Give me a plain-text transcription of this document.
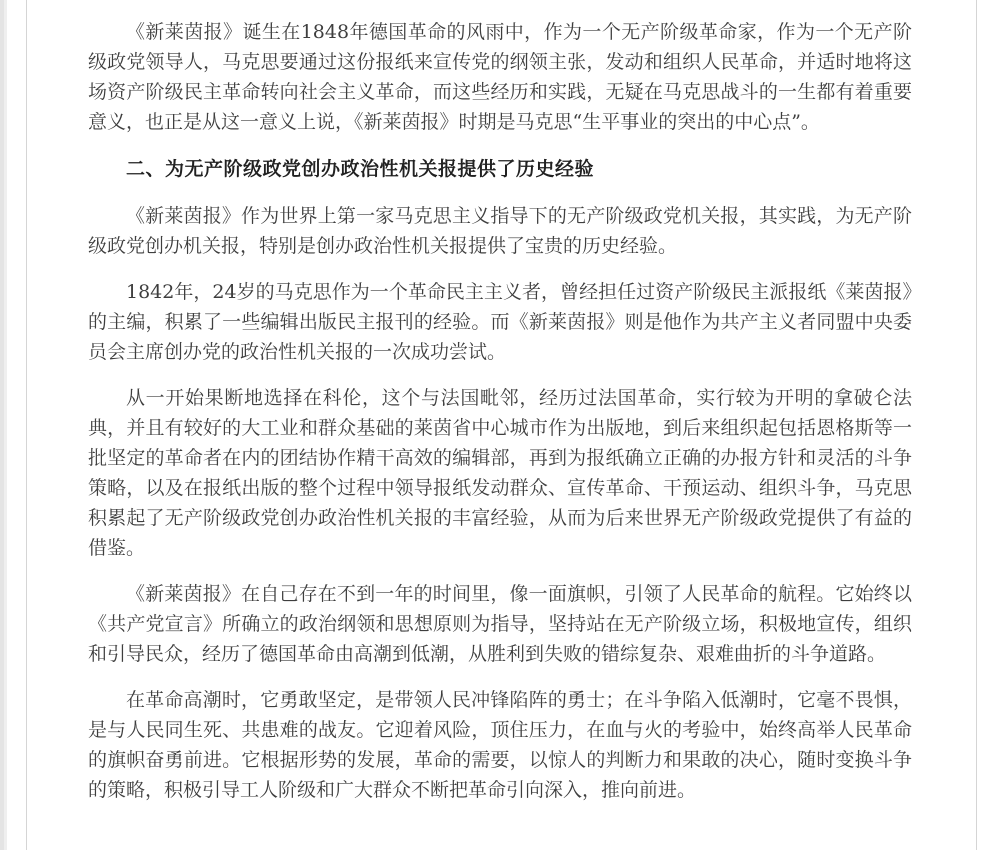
《新莱茵报》诞生在1848年德国革命的风雨中，作为一个无产阶级革命家，作为一个无产阶级政党领导人，马克思要通过这份报纸来宣传党的纲领主张，发动和组织人民革命，并适时地将这场资产阶级民主革命转向社会主义革命，而这些经历和实践，无疑在马克思战斗的一生都有着重要意义，也正是从这一意义上说，《新莱茵报》时期是马克思“生平事业的突出的中心点”。

二、为无产阶级政党创办政治性机关报提供了历史经验

《新莱茵报》作为世界上第一家马克思主义指导下的无产阶级政党机关报，其实践，为无产阶级政党创办机关报，特别是创办政治性机关报提供了宝贵的历史经验。

1842年，24岁的马克思作为一个革命民主主义者，曾经担任过资产阶级民主派报纸《莱茵报》的主编，积累了一些编辑出版民主报刊的经验。而《新莱茵报》则是他作为共产主义者同盟中央委员会主席创办党的政治性机关报的一次成功尝试。

从一开始果断地选择在科伦，这个与法国毗邻，经历过法国革命，实行较为开明的拿破仑法典，并且有较好的大工业和群众基础的莱茵省中心城市作为出版地，到后来组织起包括恩格斯等一批坚定的革命者在内的团结协作精干高效的编辑部，再到为报纸确立正确的办报方针和灵活的斗争策略，以及在报纸出版的整个过程中领导报纸发动群众、宣传革命、干预运动、组织斗争，马克思积累起了无产阶级政党创办政治性机关报的丰富经验，从而为后来世界无产阶级政党提供了有益的借鉴。

《新莱茵报》在自己存在不到一年的时间里，像一面旗帜，引领了人民革命的航程。它始终以《共产党宣言》所确立的政治纲领和思想原则为指导，坚持站在无产阶级立场，积极地宣传，组织和引导民众，经历了德国革命由高潮到低潮，从胜利到失败的错综复杂、艰难曲折的斗争道路。

在革命高潮时，它勇敢坚定，是带领人民冲锋陷阵的勇士；在斗争陷入低潮时，它毫不畏惧，是与人民同生死、共患难的战友。它迎着风险，顶住压力，在血与火的考验中，始终高举人民革命的旗帜奋勇前进。它根据形势的发展，革命的需要，以惊人的判断力和果敢的决心，随时变换斗争的策略，积极引导工人阶级和广大群众不断把革命引向深入，推向前进。
